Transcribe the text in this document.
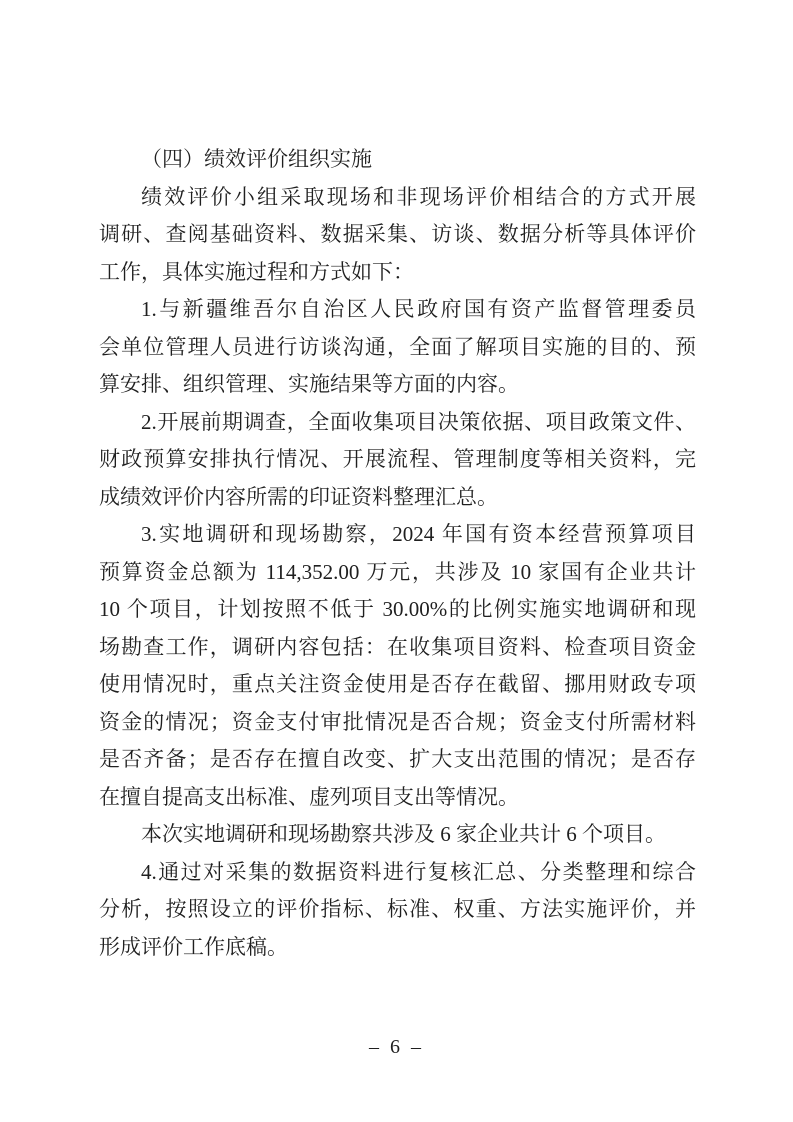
（四）绩效评价组织实施
绩效评价小组采取现场和非现场评价相结合的方式开展
调研、查阅基础资料、数据采集、访谈、数据分析等具体评价
工作，具体实施过程和方式如下：
1.与新疆维吾尔自治区人民政府国有资产监督管理委员
会单位管理人员进行访谈沟通，全面了解项目实施的目的、预
算安排、组织管理、实施结果等方面的内容。
2.开展前期调查，全面收集项目决策依据、项目政策文件、
财政预算安排执行情况、开展流程、管理制度等相关资料，完
成绩效评价内容所需的印证资料整理汇总。
3.实地调研和现场勘察，2024 年国有资本经营预算项目
预算资金总额为 114,352.00 万元，共涉及 10 家国有企业共计
10 个项目，计划按照不低于 30.00%的比例实施实地调研和现
场勘查工作，调研内容包括：在收集项目资料、检查项目资金
使用情况时，重点关注资金使用是否存在截留、挪用财政专项
资金的情况；资金支付审批情况是否合规；资金支付所需材料
是否齐备；是否存在擅自改变、扩大支出范围的情况；是否存
在擅自提高支出标准、虚列项目支出等情况。
本次实地调研和现场勘察共涉及 6 家企业共计 6 个项目。
4.通过对采集的数据资料进行复核汇总、分类整理和综合
分析，按照设立的评价指标、标准、权重、方法实施评价，并
形成评价工作底稿。
– 6 –
